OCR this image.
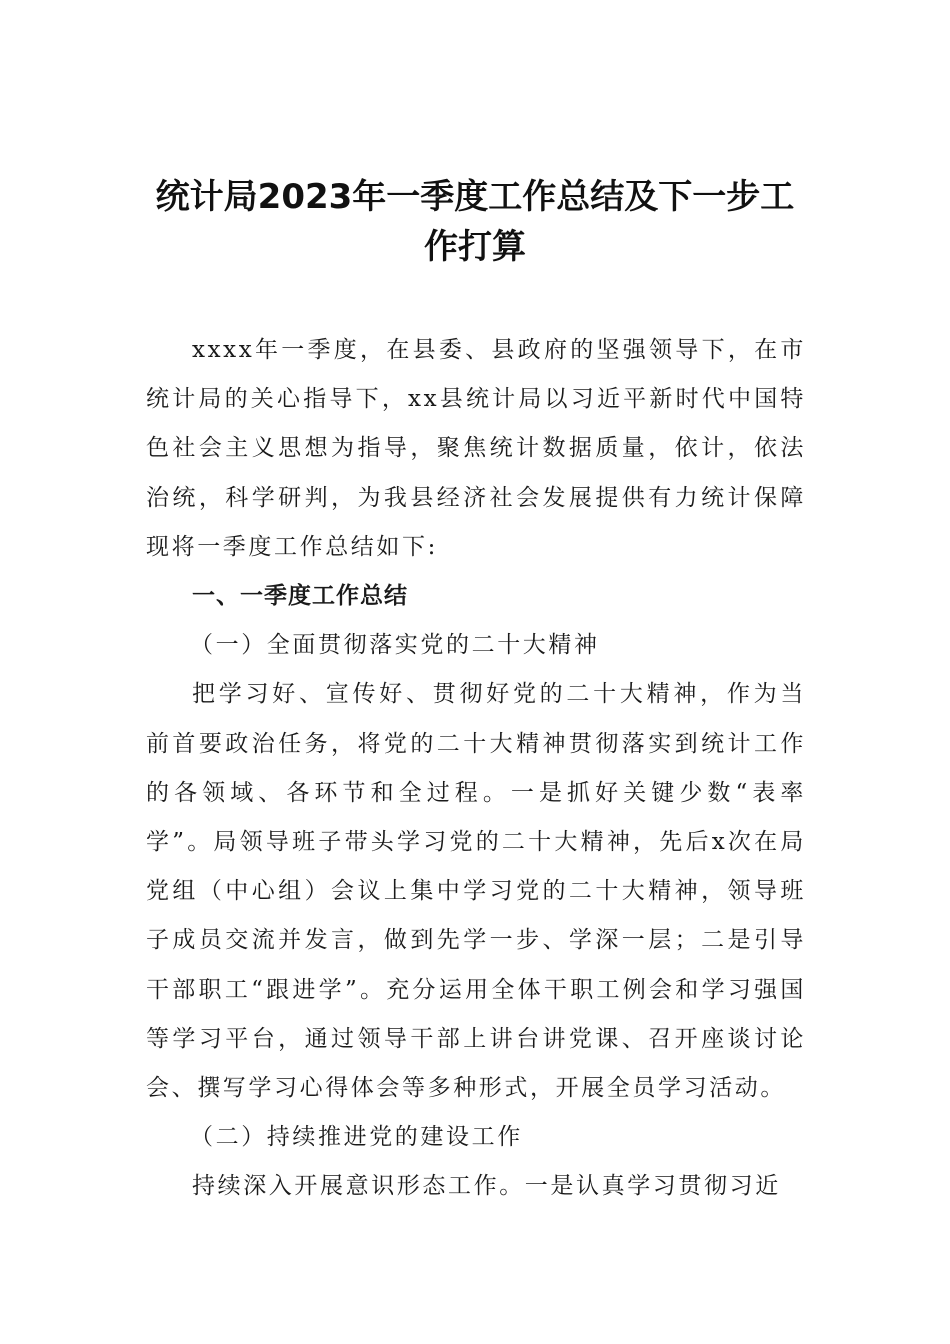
统计局2023年一季度工作总结及下一步工作打算

xxxx年一季度，在县委、县政府的坚强领导下，在市统计局的关心指导下，xx县统计局以习近平新时代中国特色社会主义思想为指导，聚焦统计数据质量，依计，依法治统，科学研判，为我县经济社会发展提供有力统计保障现将一季度工作总结如下:

一、一季度工作总结

（一）全面贯彻落实党的二十大精神

把学习好、宣传好、贯彻好党的二十大精神，作为当前首要政治任务，将党的二十大精神贯彻落实到统计工作的各领域、各环节和全过程。一是抓好关键少数“表率学”。局领导班子带头学习党的二十大精神，先后x次在局党组（中心组）会议上集中学习党的二十大精神，领导班子成员交流并发言，做到先学一步、学深一层；二是引导干部职工“跟进学”。充分运用全体干职工例会和学习强国等学习平台，通过领导干部上讲台讲党课、召开座谈讨论会、撰写学习心得体会等多种形式，开展全员学习活动。

（二）持续推进党的建设工作

持续深入开展意识形态工作。一是认真学习贯彻习近
